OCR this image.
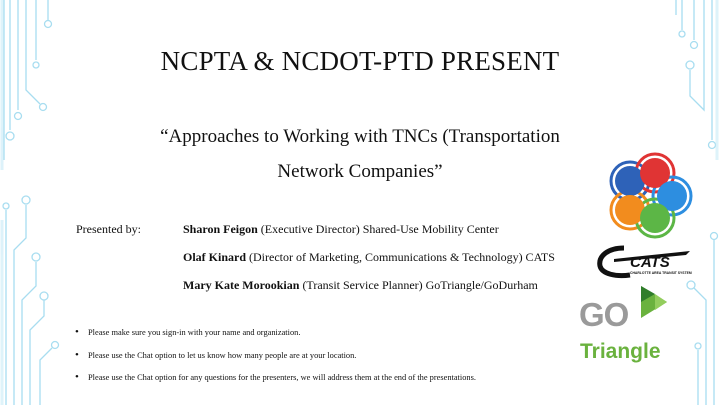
NCPTA & NCDOT-PTD PRESENT
“Approaches to Working with TNCs (Transportation
Network Companies”
Presented by:	Sharon Feigon (Executive Director) Shared-Use Mobility Center
Olaf Kinard (Director of Marketing, Communications & Technology) CATS
Mary Kate Morookian (Transit Service Planner) GoTriangle/GoDurham
• Please make sure you sign-in with your name and organization.
• Please use the Chat option to let us know how many people are at your location.
• Please use the Chat option for any questions for the presenters, we will address them at the end of the presentations.
CATS
CHARLOTTE AREA TRANSIT SYSTEM
GO
Triangle
